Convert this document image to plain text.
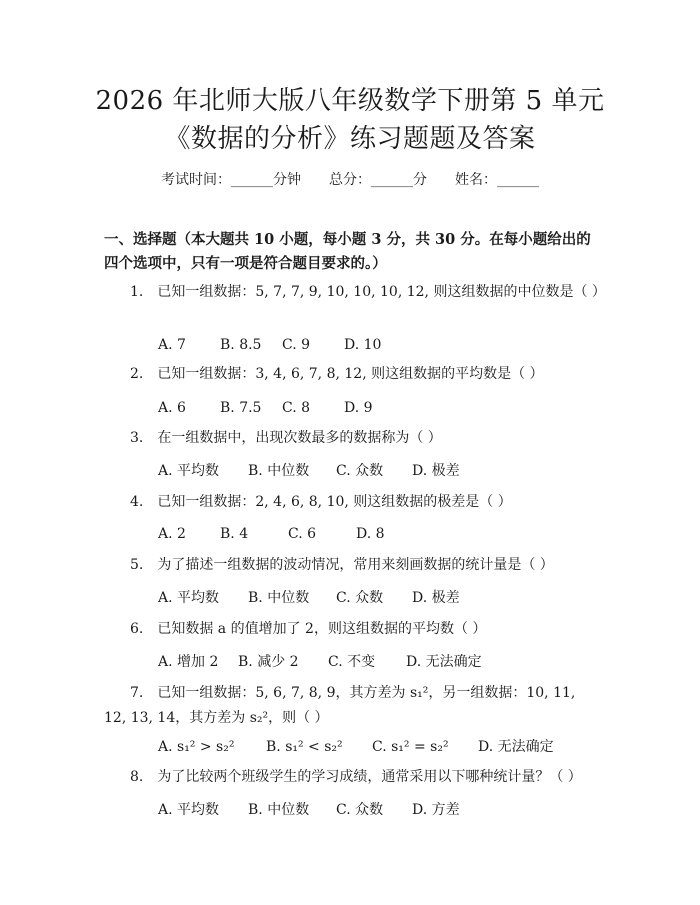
2026 年北师大版八年级数学下册第 5 单元
《数据的分析》练习题题及答案
考试时间：______分钟 总分：______分 姓名：______
一、选择题（本大题共 10 小题，每小题 3 分，共 30 分。在每小题给出的四个选项中，只有一项是符合题目要求的。）
1.　已知一组数据：5, 7, 7, 9, 10, 10, 10, 12, 则这组数据的中位数是（ ）
A. 7 B. 8.5 C. 9 D. 10
2.　已知一组数据：3, 4, 6, 7, 8, 12, 则这组数据的平均数是（ ）
A. 6 B. 7.5 C. 8 D. 9
3.　在一组数据中，出现次数最多的数据称为（ ）
A. 平均数 B. 中位数 C. 众数 D. 极差
4.　已知一组数据：2, 4, 6, 8, 10, 则这组数据的极差是（ ）
A. 2 B. 4	C. 6	D. 8
5.　为了描述一组数据的波动情况，常用来刻画数据的统计量是（ ）
A. 平均数 B. 中位数 C. 众数 D. 极差
6.　已知数据 a 的值增加了 2，则这组数据的平均数（ ）
A. 增加 2 B. 减少 2 C. 不变 D. 无法确定
7.　已知一组数据：5, 6, 7, 8, 9，其方差为 s₁²，另一组数据：10, 11, 12, 13, 14，其方差为 s₂²，则（ ）
A. s₁² > s₂² B. s₁² < s₂² C. s₁² = s₂² D. 无法确定
8.　为了比较两个班级学生的学习成绩，通常采用以下哪种统计量？（ ）
A. 平均数 B. 中位数 C. 众数 D. 方差
